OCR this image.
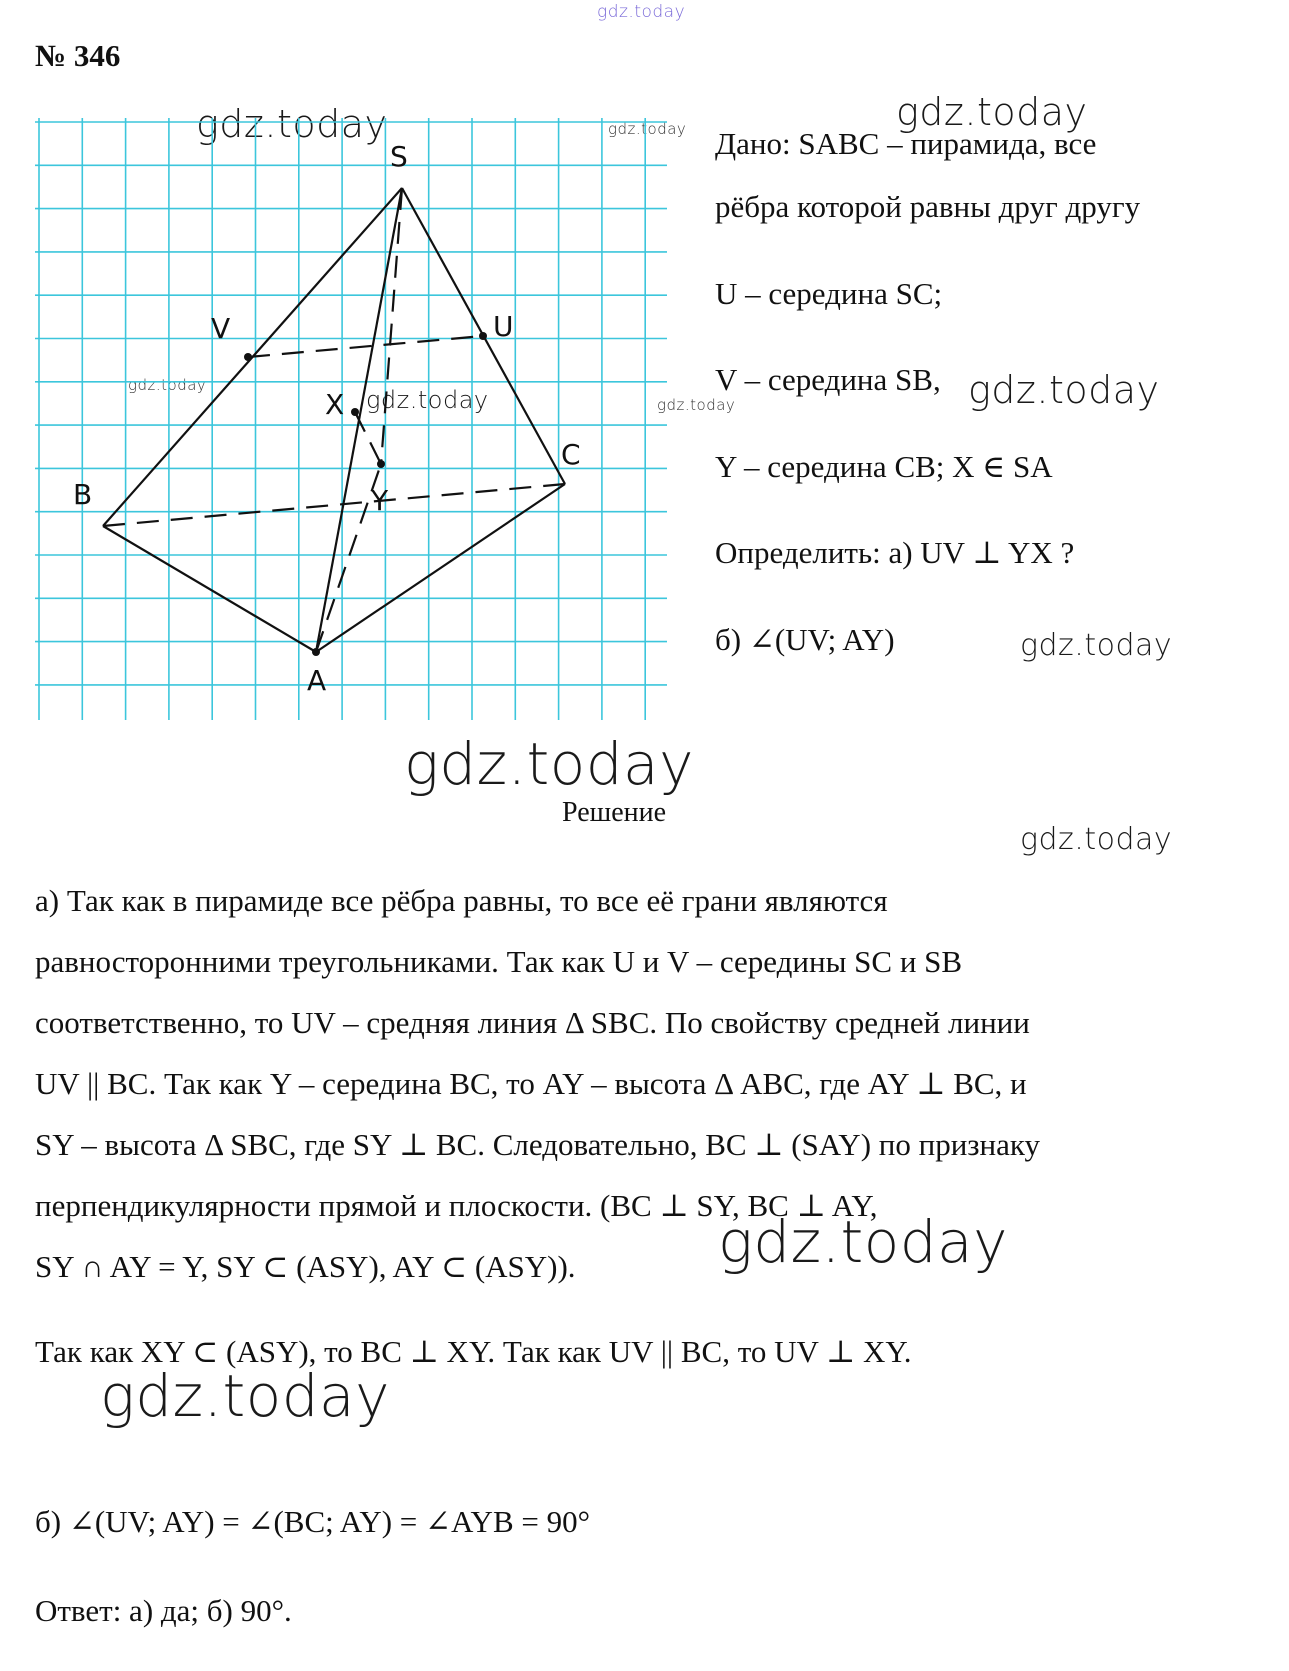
gdz.today
gdz.today	gdz.today	gdz.today
gdz.today
gdz.today	gdz.today	gdz.today
gdz.today
gdz.today
gdz.today
gdz.today
gdz.today
№ 346
S
V	U
X
B
C
Y
A
Дано: SABC – пирамида, все
рёбра которой равны друг другу
U – середина SC;
V – середина SB,
Y – середина CB; X ∈ SA
Определить: а) UV ⊥ YX ?
б) ∠(UV; AY)
Решение
а) Так как в пирамиде все рёбра равны, то все её грани являются
равносторонними треугольниками. Так как U и V – середины SC и SB
соответственно, то UV – средняя линия Δ SBC. По свойству средней линии
UV || BC. Так как Y – середина BC, то AY – высота Δ ABC, где AY ⊥ BC, и
SY – высота Δ SBC, где SY ⊥ BC. Следовательно, BC ⊥ (SAY) по признаку
перпендикулярности прямой и плоскости. (BC ⊥ SY, BC ⊥ AY,
SY ∩ AY = Y, SY ⊂ (ASY), AY ⊂ (ASY)).
Так как XY ⊂ (ASY), то BC ⊥ XY. Так как UV || BC, то UV ⊥ XY.
б) ∠(UV; AY) = ∠(BC; AY) = ∠AYB = 90°
Ответ: а) да; б) 90°.
